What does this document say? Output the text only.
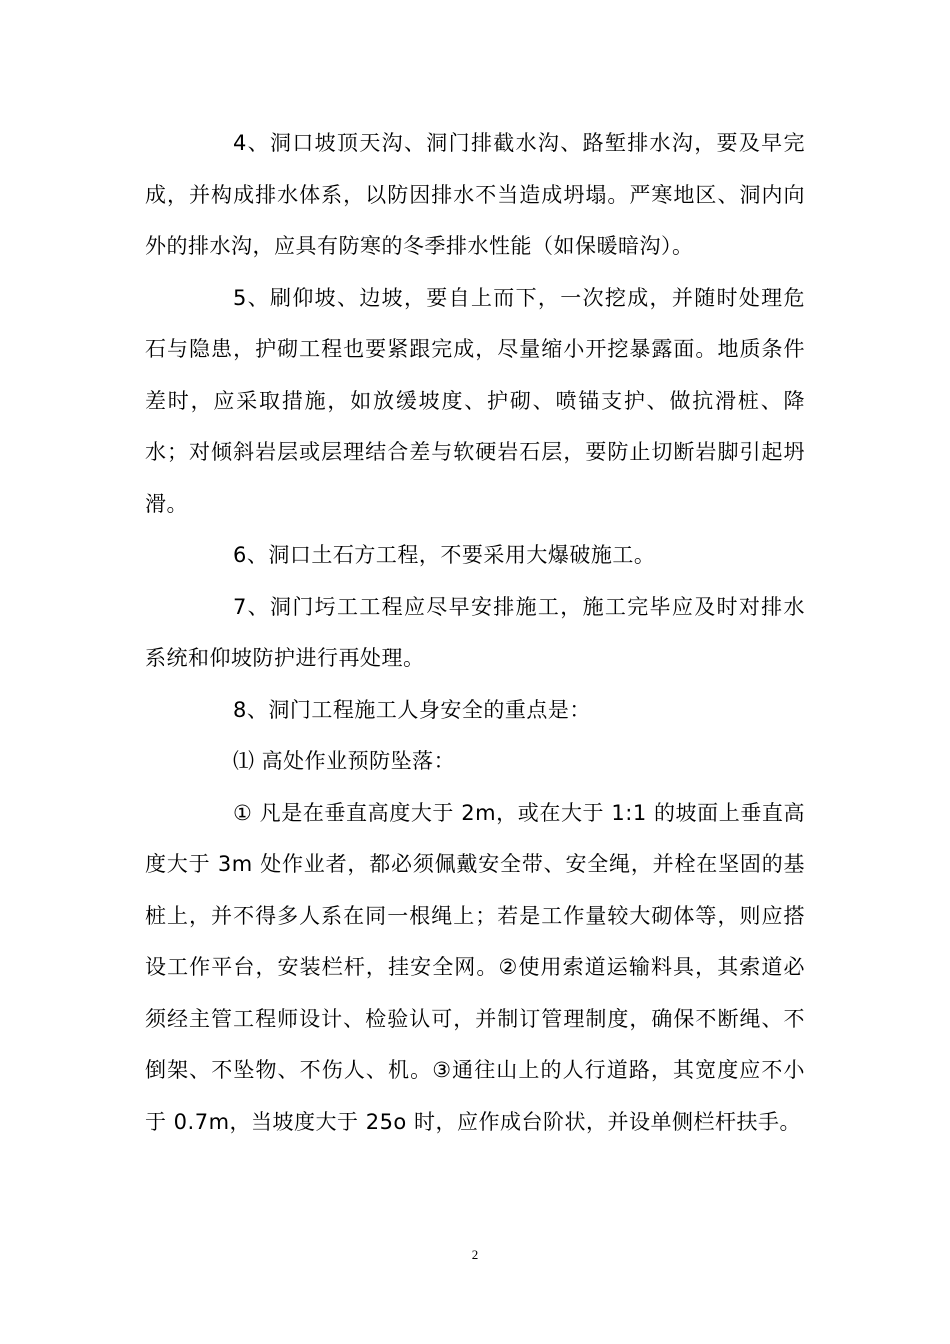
4、洞口坡顶天沟、洞门排截水沟、路堑排水沟，要及早完成，并构成排水体系，以防因排水不当造成坍塌。严寒地区、洞内向外的排水沟，应具有防寒的冬季排水性能（如保暖暗沟）。

5、刷仰坡、边坡，要自上而下，一次挖成，并随时处理危石与隐患，护砌工程也要紧跟完成，尽量缩小开挖暴露面。地质条件差时，应采取措施，如放缓坡度、护砌、喷锚支护、做抗滑桩、降水；对倾斜岩层或层理结合差与软硬岩石层，要防止切断岩脚引起坍滑。

6、洞口土石方工程，不要采用大爆破施工。

7、洞门圬工工程应尽早安排施工，施工完毕应及时对排水系统和仰坡防护进行再处理。

8、洞门工程施工人身安全的重点是：

⑴ 高处作业预防坠落：

① 凡是在垂直高度大于 2m，或在大于 1:1 的坡面上垂直高度大于 3m 处作业者，都必须佩戴安全带、安全绳，并栓在坚固的基桩上，并不得多人系在同一根绳上；若是工作量较大砌体等，则应搭设工作平台，安装栏杆，挂安全网。②使用索道运输料具，其索道必须经主管工程师设计、检验认可，并制订管理制度，确保不断绳、不倒架、不坠物、不伤人、机。③通往山上的人行道路，其宽度应不小于 0.7m，当坡度大于 25o 时，应作成台阶状，并设单侧栏杆扶手。

2
